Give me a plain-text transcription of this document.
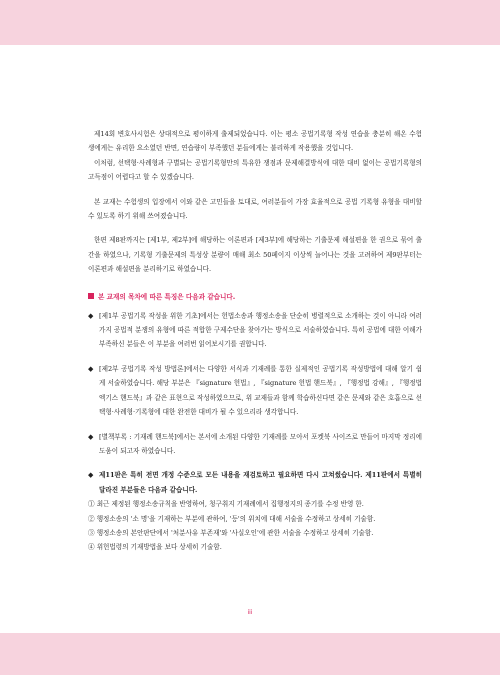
제14회 변호사시험은 상대적으로 평이하게 출제되었습니다. 이는 평소 공법기록형 작성 연습을 충분히 해온 수험생에게는 유리한 요소였던 반면, 연습량이 부족했던 분들에게는 불리하게 작용했을 것입니다.

이처럼, 선택형·사례형과 구별되는 공법기록형만의 특유한 쟁점과 문제해결방식에 대한 대비 없이는 공법기록형의 고득점이 어렵다고 할 수 있겠습니다.

본 교재는 수험생의 입장에서 이와 같은 고민들을 토대로, 여러분들이 가장 효율적으로 공법 기록형 유형을 대비할 수 있도록 하기 위해 쓰여졌습니다.

한편 제8판까지는 [제1부, 제2부]에 해당하는 이론편과 [제3부]에 해당하는 기출문제 해설편을 한 권으로 묶어 출간을 하였으나, 기록형 기출문제의 특성상 분량이 매해 최소 50페이지 이상씩 늘어나는 것을 고려하여 제9판부터는 이론편과 해설편을 분리하기로 하였습니다.

본 교재의 목차에 따른 특징은 다음과 같습니다.
◆ [제1부 공법기록 작성을 위한 기초]에서는 헌법소송과 행정소송을 단순히 병렬적으로 소개하는 것이 아니라 여러 가지 공법적 분쟁의 유형에 따른 적합한 구제수단을 찾아가는 방식으로 서술하였습니다. 특히 공법에 대한 이해가 부족하신 분들은 이 부분을 여러번 읽어보시기를 권합니다.

◆ [제2부 공법기록 작성 방법론]에서는 다양한 서식과 기재례를 통한 실제적인 공법기록 작성방법에 대해 알기 쉽게 서술하였습니다. 해당 부분은 『signature 헌법』, 『signature 헌법 핸드북』, 『행정법 강해』, 『행정법 엑기스 핸드북』과 같은 표현으로 작성하였으므로, 위 교재들과 함께 학습하신다면 같은 문제와 같은 호흡으로 선택형·사례형·기록형에 대한 완전한 대비가 될 수 있으리라 생각합니다.

◆ [별책부록 : 기재례 핸드북]에서는 본서에 소개된 다양한 기재례를 모아서 포켓북 사이즈로 만들어 마지막 정리에 도움이 되고자 하였습니다.

◆ 제11판은 특히 전면 개정 수준으로 모든 내용을 재검토하고 필요하면 다시 고쳐썼습니다. 제11판에서 특별히 달라진 부분들은 다음과 같습니다.

① 최근 제정된 행정소송규칙을 반영하여, 청구취지 기재례에서 집행정지의 종기를 수정 반영 한.

② 행정소송의 '소 명'을 기재하는 부분에 관하여, '등'의 위치에 대해 서술을 수정하고 상세히 기술함.

③ 행정소송의 본안판단에서 '처분사유 부존재'와 '사실오인'에 관한 서술을 수정하고 상세히 기술함.

④ 위헌법령의 기재방법을 보다 상세히 기술함.

iii
